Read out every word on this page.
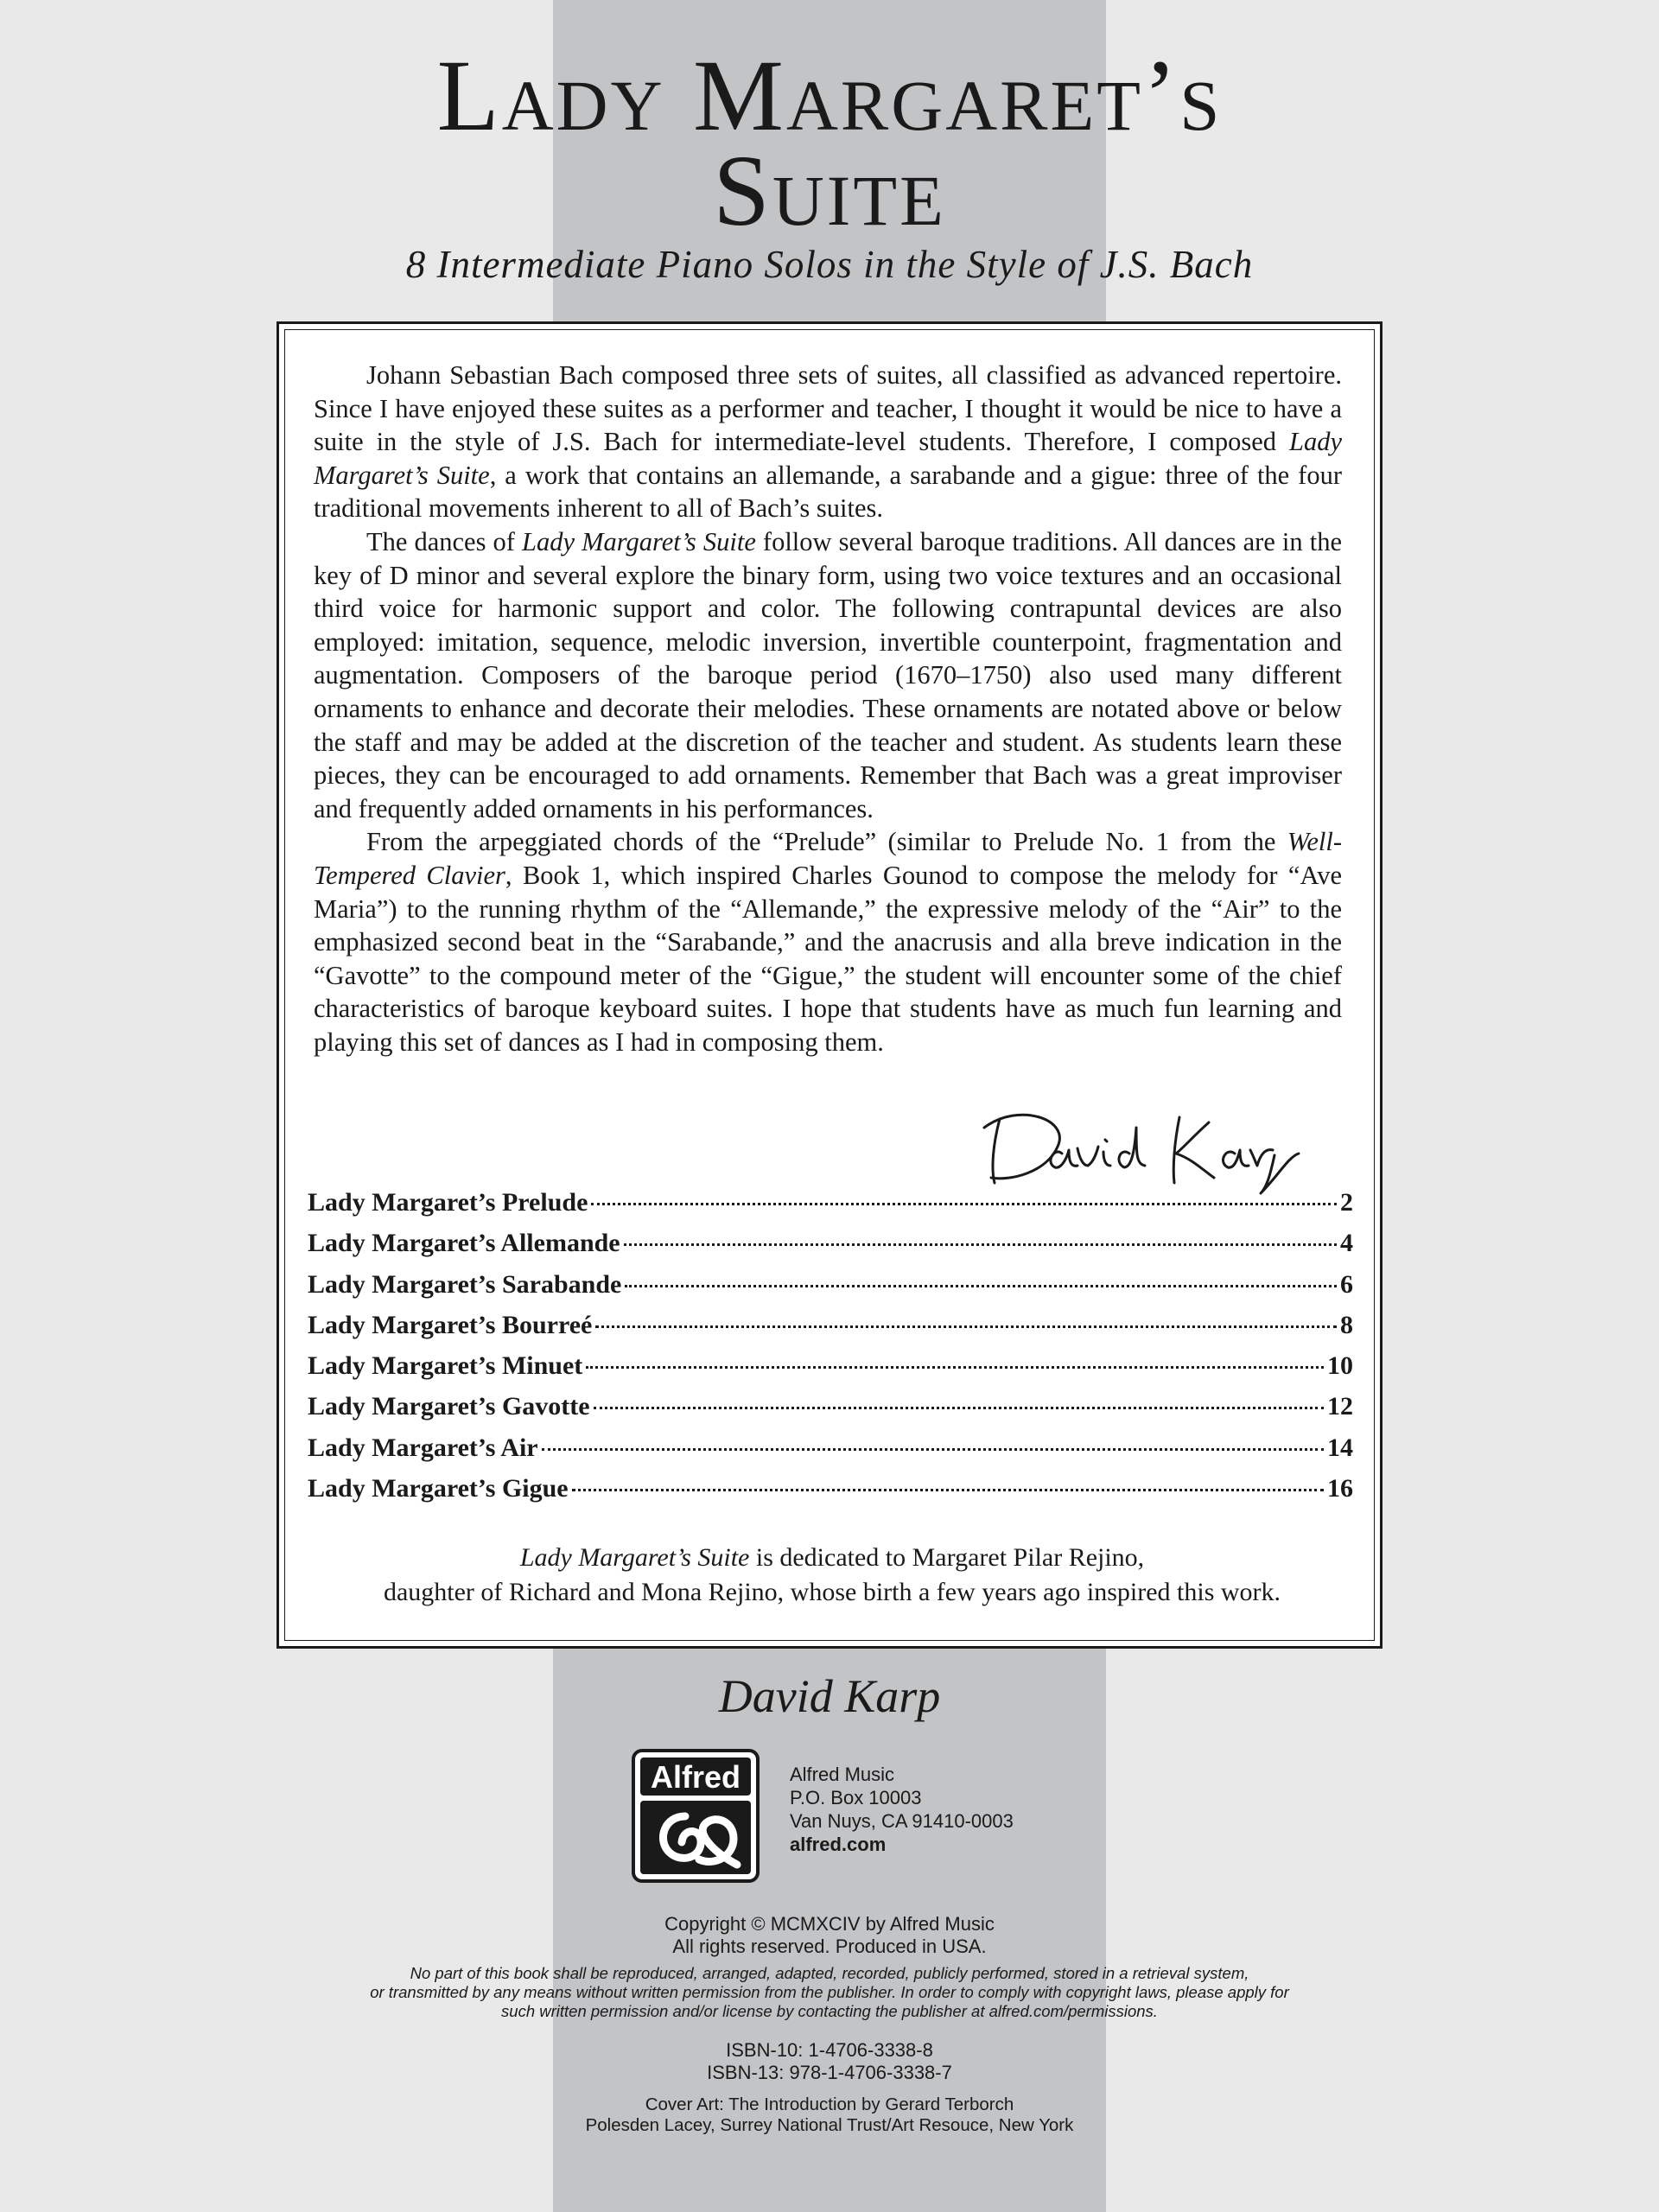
Lady Margaret’s
Suite
8 Intermediate Piano Solos in the Style of J.S. Bach

Johann Sebastian Bach composed three sets of suites, all classified as advanced repertoire. Since I have enjoyed these suites as a performer and teacher, I thought it would be nice to have a suite in the style of J.S. Bach for intermediate-level students. Therefore, I composed Lady Margaret’s Suite, a work that contains an allemande, a sarabande and a gigue: three of the four traditional movements inherent to all of Bach’s suites.

The dances of Lady Margaret’s Suite follow several baroque traditions. All dances are in the key of D minor and several explore the binary form, using two voice textures and an occasional third voice for harmonic support and color. The following contrapuntal devices are also employed: imitation, sequence, melodic inversion, invertible counterpoint, fragmentation and augmentation. Composers of the baroque period (1670–1750) also used many different ornaments to enhance and decorate their melodies. These ornaments are notated above or below the staff and may be added at the discretion of the teacher and student. As students learn these pieces, they can be encouraged to add ornaments. Remember that Bach was a great improviser and frequently added ornaments in his performances.

From the arpeggiated chords of the “Prelude” (similar to Prelude No. 1 from the Well-Tempered Clavier, Book 1, which inspired Charles Gounod to compose the melody for “Ave Maria”) to the running rhythm of the “Allemande,” the expressive melody of the “Air” to the emphasized second beat in the “Sarabande,” and the anacrusis and alla breve indication in the “Gavotte” to the compound meter of the “Gigue,” the student will encounter some of the chief characteristics of baroque keyboard suites. I hope that students have as much fun learning and playing this set of dances as I had in composing them.

Lady Margaret’s Prelude	2
Lady Margaret’s Allemande	4
Lady Margaret’s Sarabande	6
Lady Margaret’s Bourreé	8
Lady Margaret’s Minuet	10
Lady Margaret’s Gavotte	12
Lady Margaret’s Air	14
Lady Margaret’s Gigue	16
Lady Margaret’s Suite is dedicated to Margaret Pilar Rejino,
daughter of Richard and Mona Rejino, whose birth a few years ago inspired this work.
David Karp
Alfred	Alfred Music
P.O. Box 10003
Van Nuys, CA 91410-0003
alfred.com
Copyright © MCMXCIV by Alfred Music
All rights reserved. Produced in USA.
No part of this book shall be reproduced, arranged, adapted, recorded, publicly performed, stored in a retrieval system,
or transmitted by any means without written permission from the publisher. In order to comply with copyright laws, please apply for
such written permission and/or license by contacting the publisher at alfred.com/permissions.
ISBN-10: 1-4706-3338-8
ISBN-13: 978-1-4706-3338-7
Cover Art: The Introduction by Gerard Terborch
Polesden Lacey, Surrey National Trust/Art Resouce, New York
